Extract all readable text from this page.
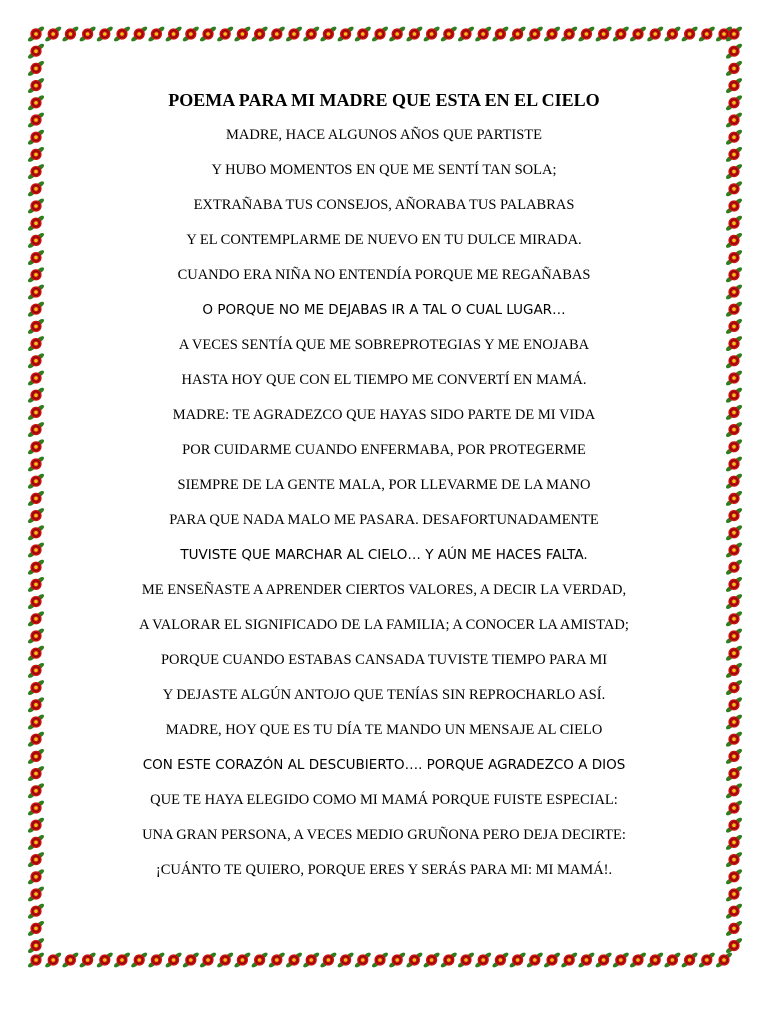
POEMA PARA MI MADRE QUE ESTA EN EL CIELO

MADRE, HACE ALGUNOS AÑOS QUE PARTISTE

Y HUBO MOMENTOS EN QUE ME SENTÍ TAN SOLA;

EXTRAÑABA TUS CONSEJOS, AÑORABA TUS PALABRAS

Y EL CONTEMPLARME DE NUEVO EN TU DULCE MIRADA.

CUANDO ERA NIÑA NO ENTENDÍA PORQUE ME REGAÑABAS

O PORQUE NO ME DEJABAS IR A TAL O CUAL LUGAR…

A VECES SENTÍA QUE ME SOBREPROTEGIAS Y ME ENOJABA

HASTA HOY QUE CON EL TIEMPO ME CONVERTÍ EN MAMÁ.

MADRE: TE AGRADEZCO QUE HAYAS SIDO PARTE DE MI VIDA

POR CUIDARME CUANDO ENFERMABA, POR PROTEGERME

SIEMPRE DE LA GENTE MALA, POR LLEVARME DE LA MANO

PARA QUE NADA MALO ME PASARA. DESAFORTUNADAMENTE

TUVISTE QUE MARCHAR AL CIELO… Y AÚN ME HACES FALTA.

ME ENSEÑASTE A APRENDER CIERTOS VALORES, A DECIR LA VERDAD,

A VALORAR EL SIGNIFICADO DE LA FAMILIA; A CONOCER LA AMISTAD;

PORQUE CUANDO ESTABAS CANSADA TUVISTE TIEMPO PARA MI

Y DEJASTE ALGÚN ANTOJO QUE TENÍAS SIN REPROCHARLO ASÍ.

MADRE, HOY QUE ES TU DÍA TE MANDO UN MENSAJE AL CIELO

CON ESTE CORAZÓN AL DESCUBIERTO…. PORQUE AGRADEZCO A DIOS

QUE TE HAYA ELEGIDO COMO MI MAMÁ PORQUE FUISTE ESPECIAL:

UNA GRAN PERSONA, A VECES MEDIO GRUÑONA PERO DEJA DECIRTE:

¡CUÁNTO TE QUIERO, PORQUE ERES Y SERÁS PARA MI: MI MAMÁ!.
